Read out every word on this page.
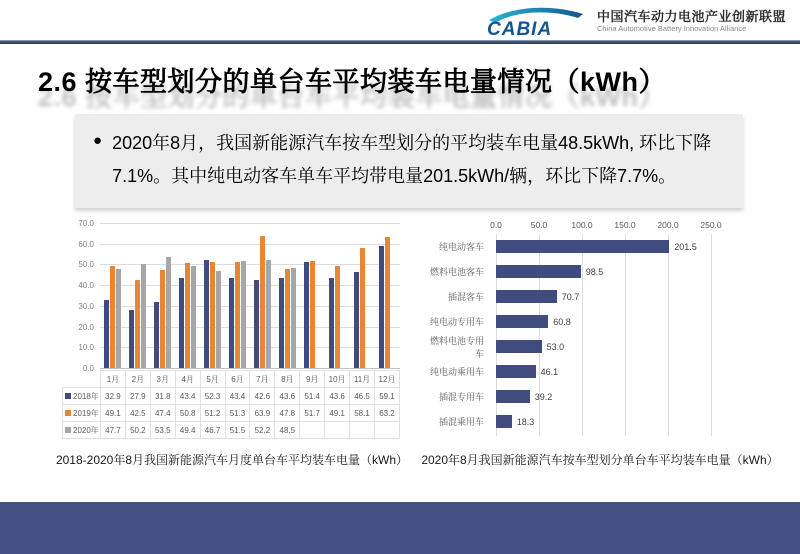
CABIA
中国汽车动力电池产业创新联盟
China Automotive Battery Innovation Alliance
2.6 按车型划分的单台车平均装车电量情况（kWh）
● 2020年8月，我国新能源汽车按车型划分的平均装车电量48.5kWh, 环比下降7.1%。其中纯电动客车单车平均带电量201.5kWh/辆，环比下降7.7%。
70.0
60.0
50.0
40.0
30.0
20.0
10.0
0.0
	1月	2月	3月	4月	5月	6月	7月	8月	9月	10月	11月	12月
2018年	32.9	27.9	31.8	43.4	52.3	43.4	42.6	43.6	51.4	43.6	46.5	59.1
2019年	49.1	42.5	47.4	50.8	51.2	51.3	63.9	47.8	51.7	49.1	58.1	63.2
2020年	47.7	50.2	53.5	49.4	46.7	51.5	52.2	48.5				
0.0	50.0	100.0	150.0	200.0	250.0
纯电动客车	201.5
燃料电池客车	98.5
插混客车	70.7
纯电动专用车	60.8
燃料电池专用车
53.0
纯电动乘用车	46.1
插混专用车	39.2
插混乘用车	18.3
2018-2020年8月我国新能源汽车月度单台车平均装车电量（kWh）	2020年8月我国新能源汽车按车型划分单台车平均装车电量（kWh）
